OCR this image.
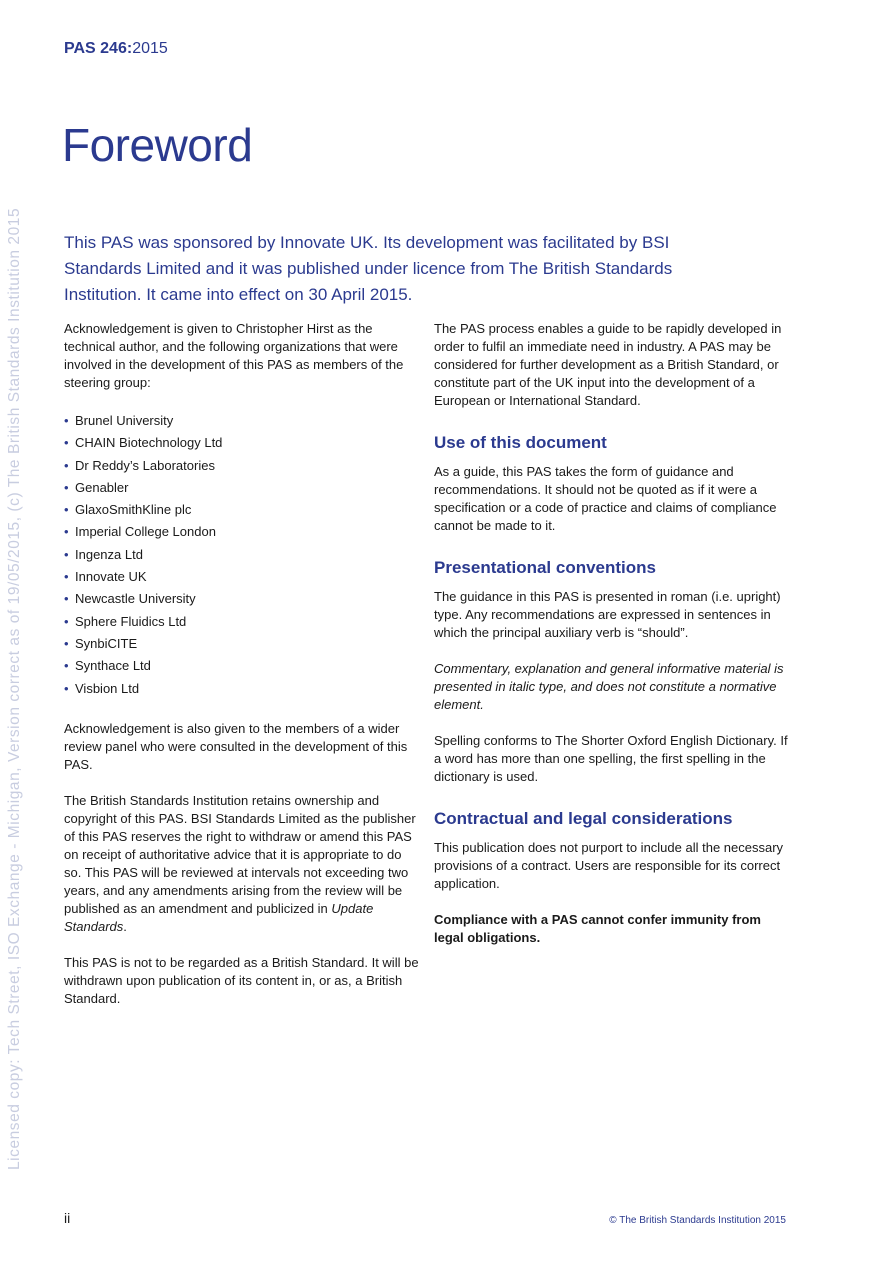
Licensed copy: Tech Street, ISO Exchange - Michigan, Version correct as of 19/05/2015, (c) The British Standards Institution 2015
PAS 246:2015
Foreword

This PAS was sponsored by Innovate UK. Its development was facilitated by BSI Standards Limited and it was published under licence from The British Standards Institution. It came into effect on 30 April 2015.

Acknowledgement is given to Christopher Hirst as the technical author, and the following organizations that were involved in the development of this PAS as members of the steering group:

• Brunel University
• CHAIN Biotechnology Ltd
• Dr Reddy’s Laboratories
• Genabler
• GlaxoSmithKline plc
• Imperial College London
• Ingenza Ltd
• Innovate UK
• Newcastle University
• Sphere Fluidics Ltd
• SynbiCITE
• Synthace Ltd
• Visbion Ltd

Acknowledgement is also given to the members of a wider review panel who were consulted in the development of this PAS.

The British Standards Institution retains ownership and copyright of this PAS. BSI Standards Limited as the publisher of this PAS reserves the right to withdraw or amend this PAS on receipt of authoritative advice that it is appropriate to do so. This PAS will be reviewed at intervals not exceeding two years, and any amendments arising from the review will be published as an amendment and publicized in Update Standards.

This PAS is not to be regarded as a British Standard. It will be withdrawn upon publication of its content in, or as, a British Standard.

The PAS process enables a guide to be rapidly developed in order to fulfil an immediate need in industry. A PAS may be considered for further development as a British Standard, or constitute part of the UK input into the development of a European or International Standard.

Use of this document

As a guide, this PAS takes the form of guidance and recommendations. It should not be quoted as if it were a specification or a code of practice and claims of compliance cannot be made to it.

Presentational conventions

The guidance in this PAS is presented in roman (i.e. upright) type. Any recommendations are expressed in sentences in which the principal auxiliary verb is “should”.

Commentary, explanation and general informative material is presented in italic type, and does not constitute a normative element.

Spelling conforms to The Shorter Oxford English Dictionary. If a word has more than one spelling, the first spelling in the dictionary is used.

Contractual and legal considerations

This publication does not purport to include all the necessary provisions of a contract. Users are responsible for its correct application.

Compliance with a PAS cannot confer immunity from legal obligations.

ii	© The British Standards Institution 2015
